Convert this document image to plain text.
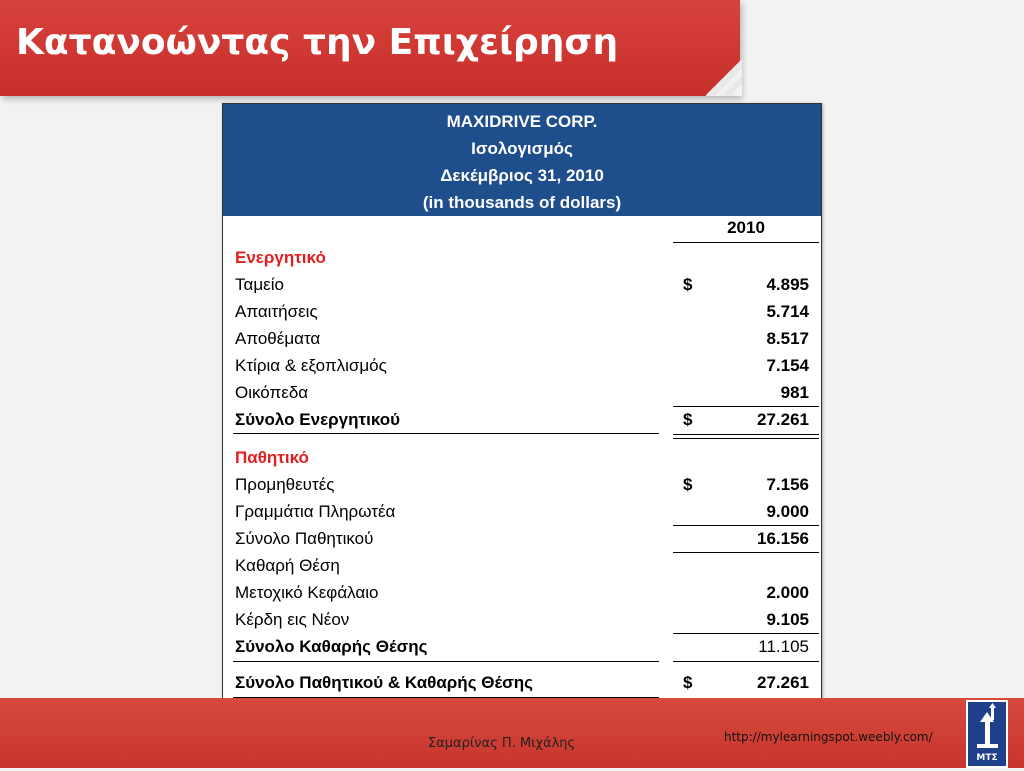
Κατανοώντας την Επιχείρηση
MAXIDRIVE CORP.
Ισολογισμός
Δεκέμβριος 31, 2010
(in thousands of dollars)
2010
Ενεργητικό
Ταμείο	$	4.895
Απαιτήσεις	5.714
Αποθέματα	8.517
Κτίρια & εξοπλισμός	7.154
Οικόπεδα	981
Σύνολο Ενεργητικού	$	27.261
Παθητικό
Προμηθευτές	$	7.156
Γραμμάτια Πληρωτέα	9.000
Σύνολο Παθητικού	16.156
Καθαρή Θέση
Μετοχικό Κεφάλαιο	2.000
Κέρδη εις Νέον	9.105
Σύνολο Καθαρής Θέσης	11.105
Σύνολο Παθητικού & Καθαρής Θέσης	$	27.261
Σαμαρίνας Π. Μιχάλης	http://mylearningspot.weebly.com/
ΜΤΣ
